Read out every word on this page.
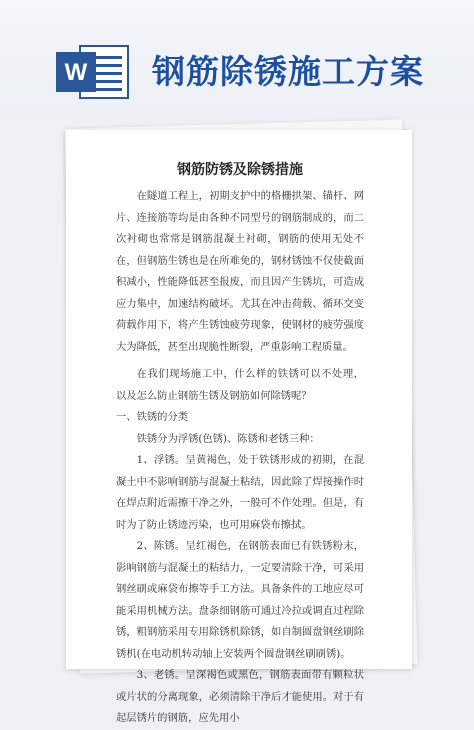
W 钢筋除锈施工方案
钢筋防锈及除锈措施

在隧道工程上，初期支护中的格栅拱架、锚杆、网片、连接筋等均是由各种不同型号的钢筋制成的，而二次衬砌也常常是钢筋混凝土衬砌，钢筋的使用无处不在，但钢筋生锈也是在所难免的，钢材锈蚀不仅使截面积减小，性能降低甚至报废，而且因产生锈坑，可造成应力集中，加速结构破坏。尤其在冲击荷载、循环交变荷载作用下，将产生锈蚀疲劳现象，使钢材的疲劳强度大为降低，甚至出现脆性断裂，严重影响工程质量。

在我们现场施工中，什么样的铁锈可以不处理， 以及怎么防止钢筋生锈及钢筋如何除锈呢？

一、铁锈的分类

铁锈分为浮锈(色锈)、陈锈和老锈三种：

1、浮锈。呈黄褐色，处于铁锈形成的初期，在混凝土中不影响钢筋与混凝土粘结，因此除了焊接操作时在焊点附近需擦干净之外，一般可不作处理。但是，有时为了防止锈迹污染，也可用麻袋布擦拭。

2、陈锈。呈红褐色，在钢筋表面已有铁锈粉末，影响钢筋与混凝土的粘结力，一定要清除干净，可采用钢丝刷或麻袋布擦等手工方法。具备条件的工地应尽可能采用机械方法。盘条细钢筋可通过冷拉或调直过程除锈，粗钢筋采用专用除锈机除锈，如自制圆盘钢丝刷除锈机(在电动机转动轴上安装两个圆盘钢丝刷刷锈)。

3、老锈。呈深褐色或黑色，钢筋表面带有颗粒状或片状的分离现象，必须清除干净后才能使用。对于有起层锈片的钢筋，应先用小
